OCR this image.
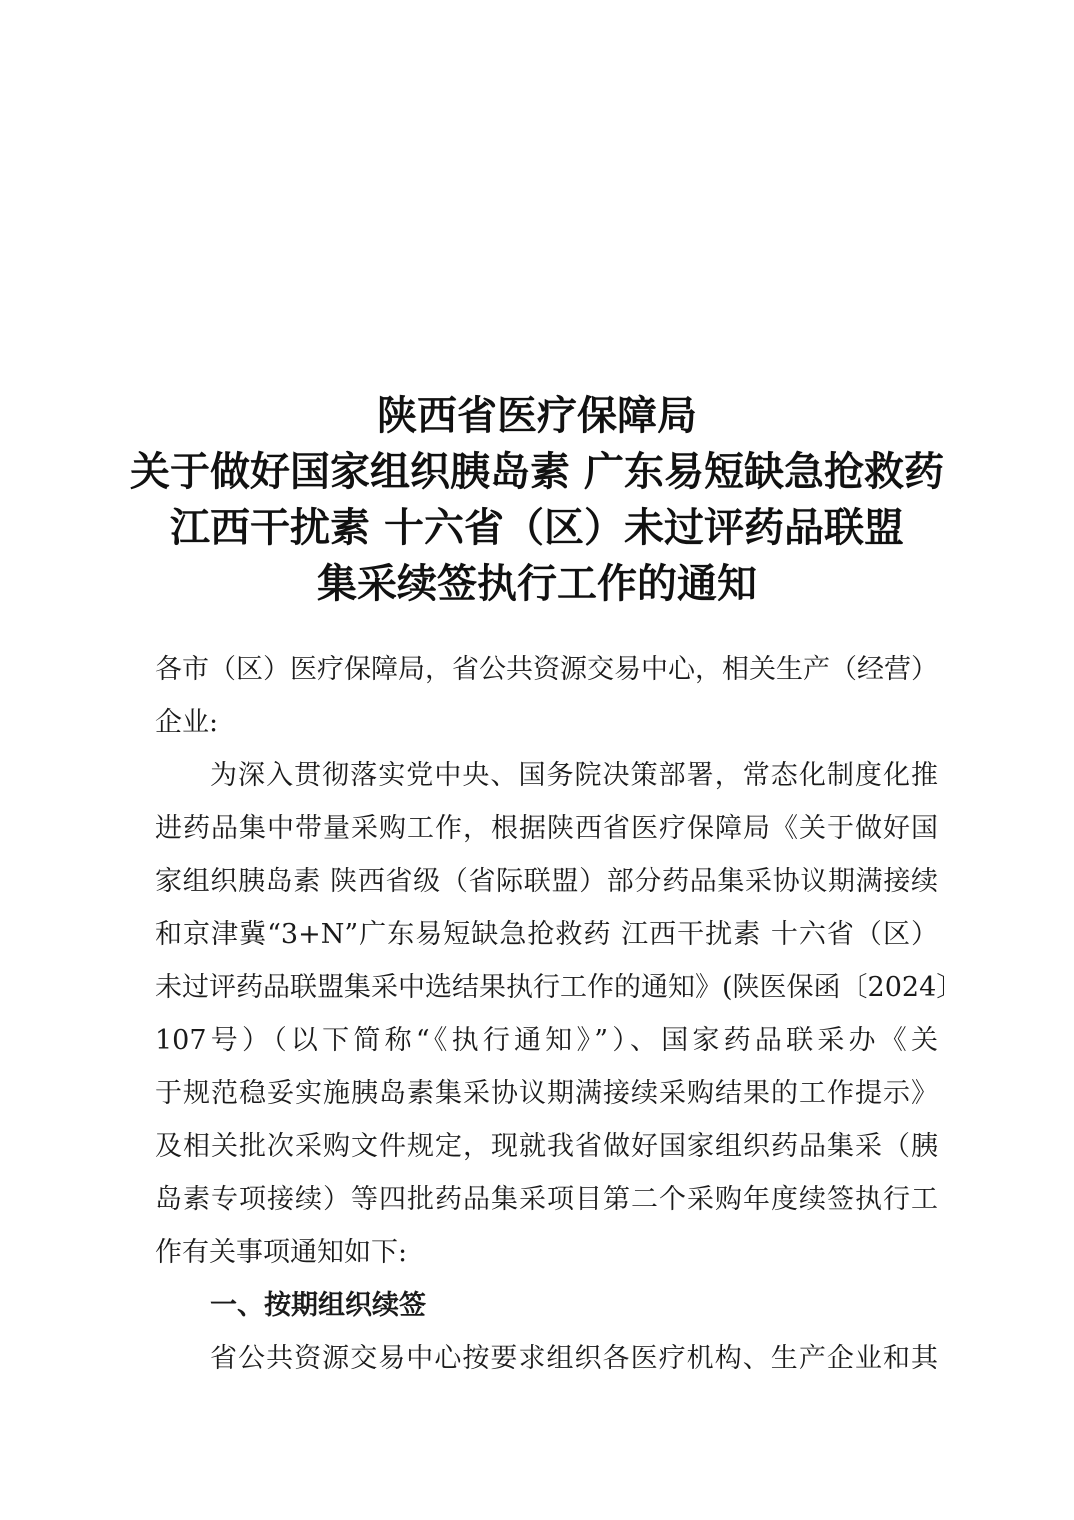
陕西省医疗保障局
关于做好国家组织胰岛素 广东易短缺急抢救药
江西干扰素 十六省（区）未过评药品联盟
集采续签执行工作的通知
各市（区）医疗保障局，省公共资源交易中心，相关生产（经营）
企业:
为深入贯彻落实党中央、国务院决策部署，常态化制度化推
进药品集中带量采购工作，根据陕西省医疗保障局《关于做好国
家组织胰岛素 陕西省级（省际联盟）部分药品集采协议期满接续
和京津冀“3+N”广东易短缺急抢救药 江西干扰素 十六省（区）
未过评药品联盟集采中选结果执行工作的通知》(陕医保函〔2024〕
107号）（以下简称“《执行通知》”）、国家药品联采办《关
于规范稳妥实施胰岛素集采协议期满接续采购结果的工作提示》
及相关批次采购文件规定，现就我省做好国家组织药品集采（胰
岛素专项接续）等四批药品集采项目第二个采购年度续签执行工
作有关事项通知如下:
一、按期组织续签
省公共资源交易中心按要求组织各医疗机构、生产企业和其
